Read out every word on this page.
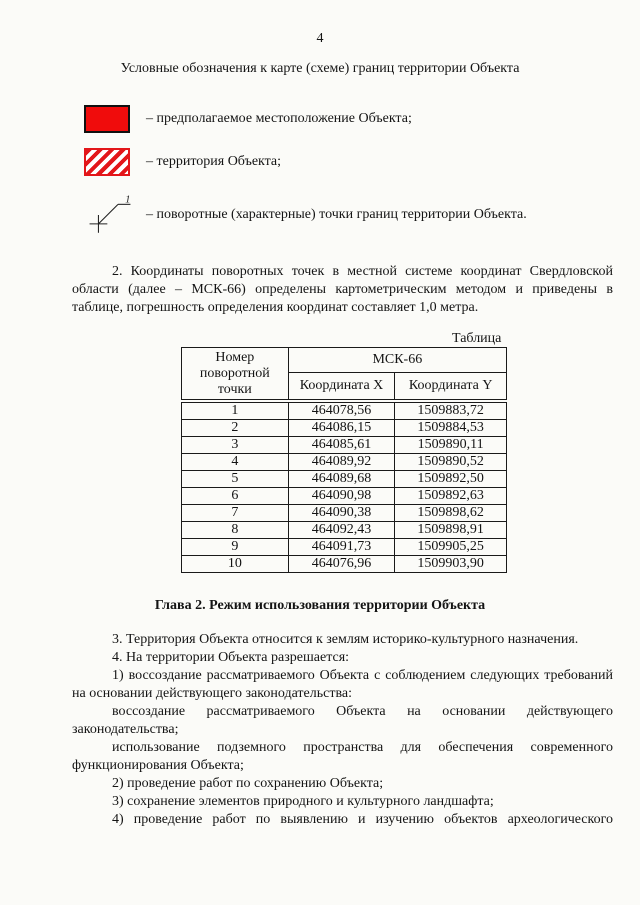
4
Условные обозначения к карте (схеме) границ территории Объекта
– предполагаемое местоположение Объекта;
– территория Объекта;
1
– поворотные (характерные) точки границ территории Объекта.
2. Координаты поворотных точек в местной системе координат Свердловской области (далее – МСК-66) определены картометрическим методом и приведены в таблице, погрешность определения координат составляет 1,0 метра.
Таблица
Номер поворотной точки	МСК-66	
	Координата X	Координата Y

1	464078,56	1509883,72
2	464086,15	1509884,53
3	464085,61	1509890,11
4	464089,92	1509890,52
5	464089,68	1509892,50
6	464090,98	1509892,63
7	464090,38	1509898,62
8	464092,43	1509898,91
9	464091,73	1509905,25
10	464076,96	1509903,90
Глава 2. Режим использования территории Объекта
3. Территория Объекта относится к землям историко-культурного назначения.
4. На территории Объекта разрешается:
1) воссоздание рассматриваемого Объекта с соблюдением следующих требований на основании действующего законодательства:
воссоздание рассматриваемого Объекта на основании действующего законодательства;
использование подземного пространства для обеспечения современного функционирования Объекта;
2) проведение работ по сохранению Объекта;
3) сохранение элементов природного и культурного ландшафта;
4) проведение работ по выявлению и изучению объектов археологического
